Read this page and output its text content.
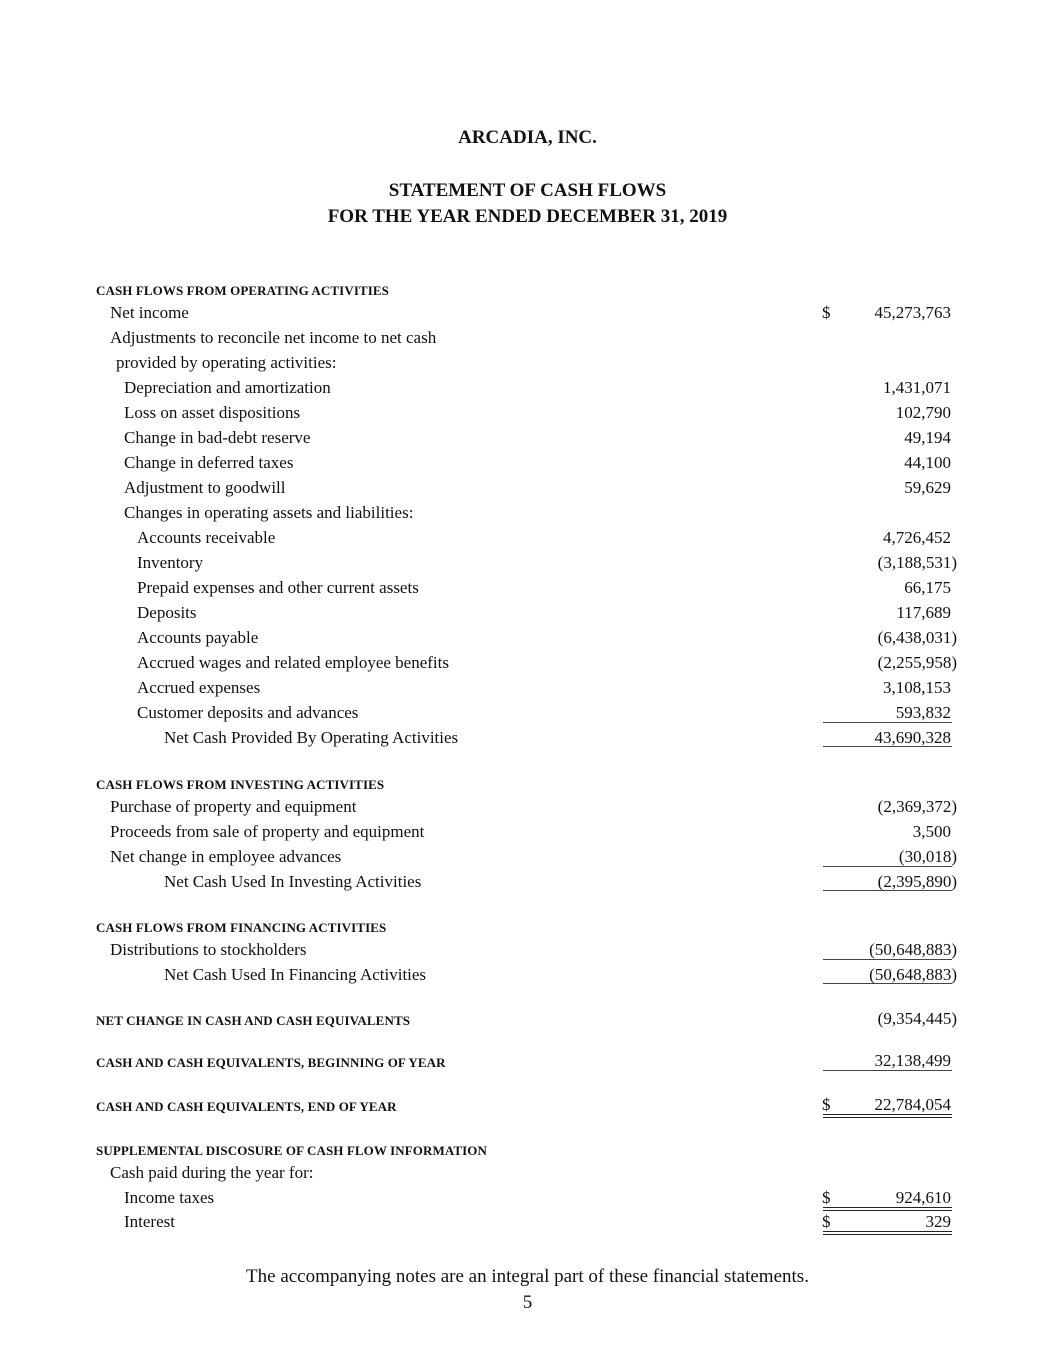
ARCADIA, INC.
STATEMENT OF CASH FLOWS
FOR THE YEAR ENDED DECEMBER 31, 2019
CASH FLOWS FROM OPERATING ACTIVITIES
Net income	$	45,273,763
Adjustments to reconcile net income to net cash
provided by operating activities:
Depreciation and amortization	1,431,071
Loss on asset dispositions	102,790
Change in bad-debt reserve	49,194
Change in deferred taxes	44,100
Adjustment to goodwill	59,629
Changes in operating assets and liabilities:
Accounts receivable	4,726,452
Inventory	(3,188,531)
Prepaid expenses and other current assets	66,175
Deposits	117,689
Accounts payable	(6,438,031)
Accrued wages and related employee benefits	(2,255,958)
Accrued expenses	3,108,153
Customer deposits and advances	593,832
Net Cash Provided By Operating Activities	43,690,328
CASH FLOWS FROM INVESTING ACTIVITIES
Purchase of property and equipment	(2,369,372)
Proceeds from sale of property and equipment	3,500
Net change in employee advances	(30,018)
Net Cash Used In Investing Activities	(2,395,890)
CASH FLOWS FROM FINANCING ACTIVITIES
Distributions to stockholders	(50,648,883)
Net Cash Used In Financing Activities	(50,648,883)
NET CHANGE IN CASH AND CASH EQUIVALENTS	(9,354,445)
CASH AND CASH EQUIVALENTS, BEGINNING OF YEAR	32,138,499
CASH AND CASH EQUIVALENTS, END OF YEAR	$	22,784,054
SUPPLEMENTAL DISCOSURE OF CASH FLOW INFORMATION
Cash paid during the year for:
Income taxes	$	924,610
Interest	$	329
The accompanying notes are an integral part of these financial statements.
5
